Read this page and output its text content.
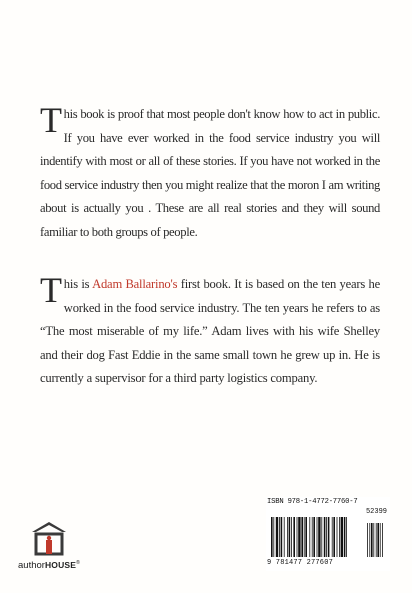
This book is proof that most people don't know how to act in public. If you have ever worked in the food service industry you will indentify with most or all of these stories. If you have not worked in the food service industry then you might realize that the moron I am writing about is actually you . These are all real stories and they will sound familiar to both groups of people.

This is Adam Ballarino's first book. It is based on the ten years he worked in the food service industry. The ten years he refers to as “The most miserable of my life.” Adam lives with his wife Shelley and their dog Fast Eddie in the same small town he grew up in. He is currently a supervisor for a third party logistics company.

ISBN 978-1-4772-7760-7
52399
9 781477 277607
authorHOUSE®
